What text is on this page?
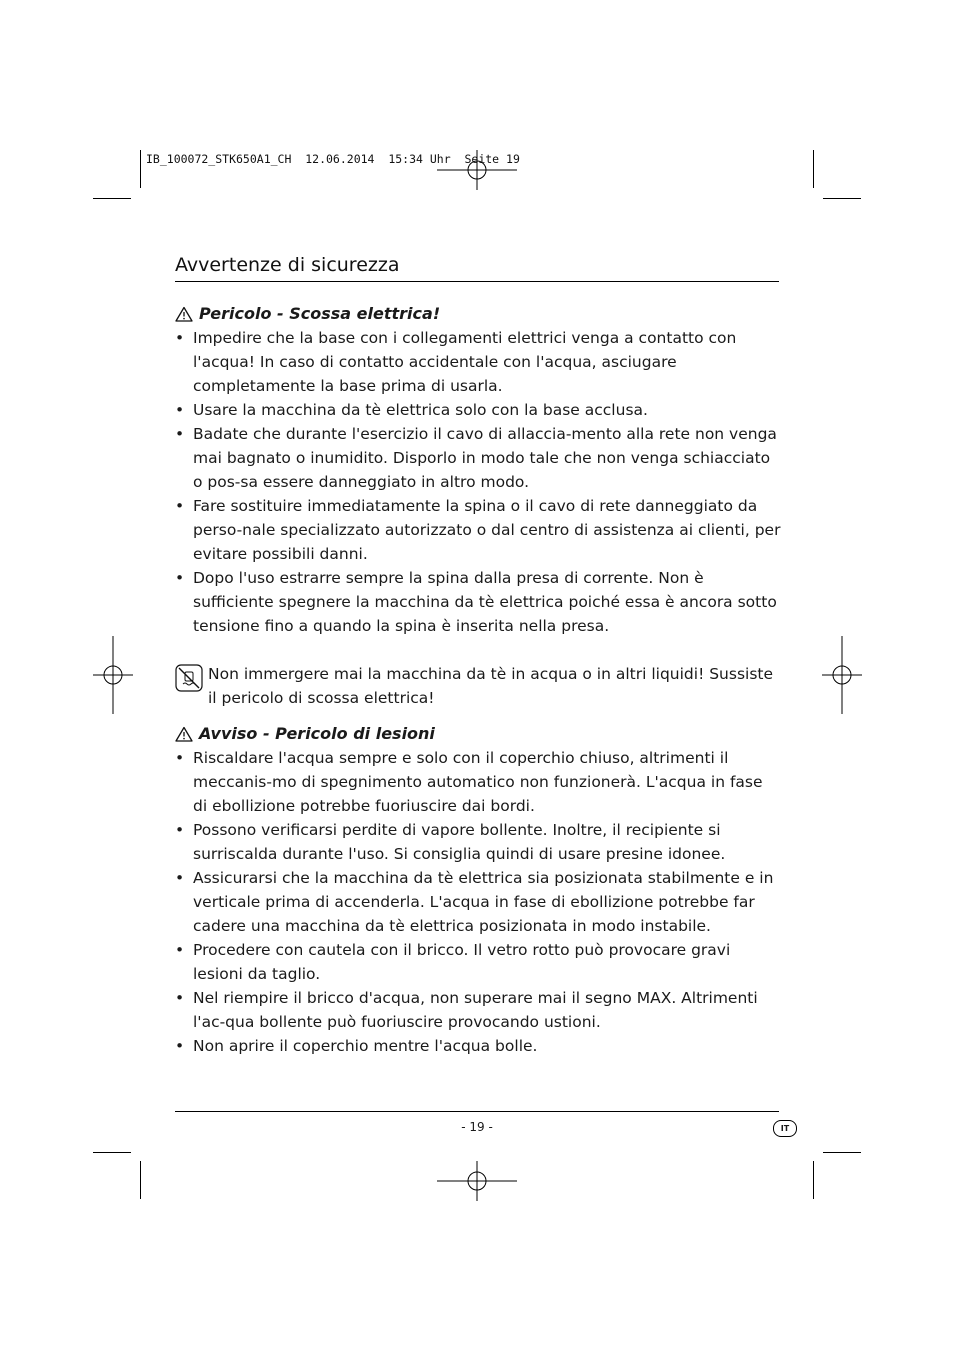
IB_100072_STK650A1_CH  12.06.2014  15:34 Uhr  Seite 19
Avvertenze di sicurezza

Pericolo - Scossa elettrica!

• Impedire che la base con i collegamenti elettrici venga a contatto con l'acqua! In caso di contatto accidentale con l'acqua, asciugare completamente la base prima di usarla.
• Usare la macchina da tè elettrica solo con la base acclusa.
• Badate che durante l'esercizio il cavo di allaccia-mento alla rete non venga mai bagnato o inumidito. Disporlo in modo tale che non venga schiacciato o pos-sa essere danneggiato in altro modo.
• Fare sostituire immediatamente la spina o il cavo di rete danneggiato da perso-nale specializzato autorizzato o dal centro di assistenza ai clienti, per evitare possibili danni.
• Dopo l'uso estrarre sempre la spina dalla presa di corrente. Non è sufficiente spegnere la macchina da tè elettrica poiché essa è ancora sotto tensione fino a quando la spina è inserita nella presa.
Non immergere mai la macchina da tè in acqua o in altri liquidi! Sussiste il pericolo di scossa elettrica!

Avviso - Pericolo di lesioni

• Riscaldare l'acqua sempre e solo con il coperchio chiuso, altrimenti il meccanis-mo di spegnimento automatico non funzionerà. L'acqua in fase di ebollizione potrebbe fuoriuscire dai bordi.
• Possono verificarsi perdite di vapore bollente. Inoltre, il recipiente si surriscalda durante l'uso. Si consiglia quindi di usare presine idonee.
• Assicurarsi che la macchina da tè elettrica sia posizionata stabilmente e in verticale prima di accenderla. L'acqua in fase di ebollizione potrebbe far cadere una macchina da tè elettrica posizionata in modo instabile.
• Procedere con cautela con il bricco. Il vetro rotto può provocare gravi lesioni da taglio.
• Nel riempire il bricco d'acqua, non superare mai il segno MAX. Altrimenti l'ac-qua bollente può fuoriuscire provocando ustioni.
• Non aprire il coperchio mentre l'acqua bolle.
- 19 -	IT
